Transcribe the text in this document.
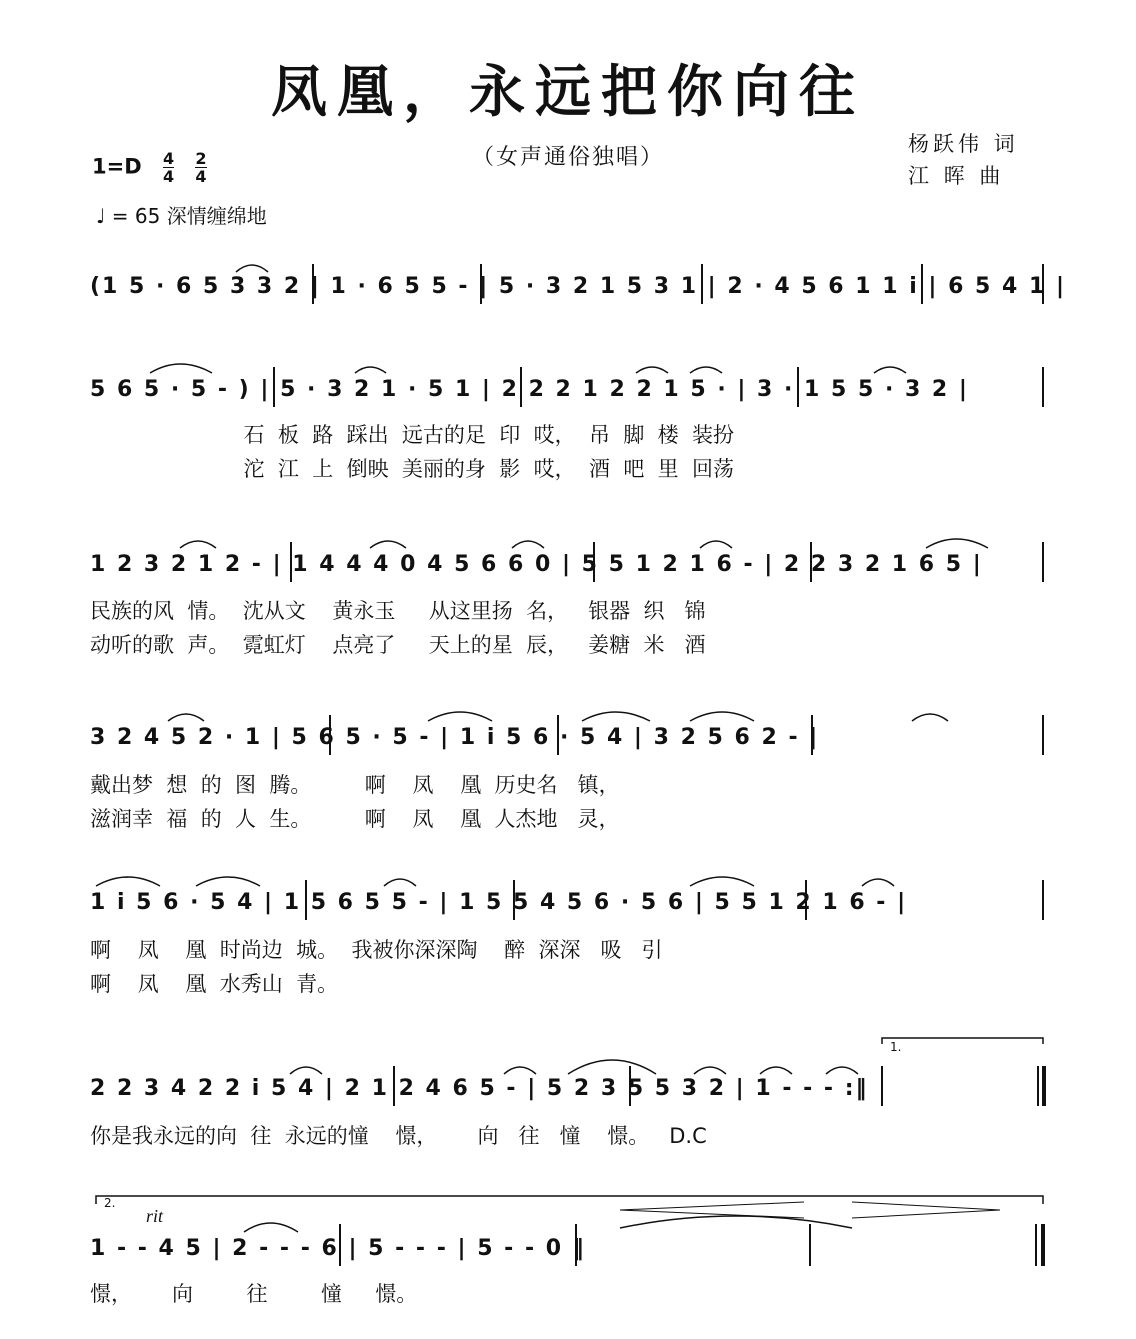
凤凰，永远把你向往
（女声通俗独唱）
杨跃伟 词
江 晖 曲
$1=D \frac{4}{4}$
$\frac{2}{4}$
♩ = 65 深情缠绵地
(1 5 · 6 5 3 3 2 | 1 · 6 5 5 - | 5 · 3 2 1 5 3 1 | 2 · 4 5 6 1 1 i | 6 5 4 1 |
5 6 5 · 5 - ) | 5 · 3 2 1 · 5 1 | 2 2 2 1 2 2 1 5 · | 3 · 1 5 5 · 3 2 |
石  板  路  踩出  远古的足  印  哎，  吊  脚  楼  装扮
沱  江  上  倒映  美丽的身  影  哎，  酒  吧  里  回荡
1 2 3 2 1 2 - | 1 4 4 4 0 4 5 6 6 0 | 5 5 1 2 1 6 - | 2 2 3 2 1 6 5 |
民族的风  情。  沈从文    黄永玉     从这里扬  名，   银器  织   锦
动听的歌  声。  霓虹灯    点亮了     天上的星  辰，   姜糖  米   酒
3 2 4 5 2 · 1 | 5 6 5 · 5 - | 1 i 5 6 · 5 4 | 3 2 5 6 2 - |
戴出梦  想  的  图  腾。        啊    凤    凰  历史名   镇，
滋润幸  福  的  人  生。        啊    凤    凰  人杰地   灵，
1 i 5 6 · 5 4 | 1 5 6 5 5 - | 1 5 5 4 5 6 · 5 6 | 5 5 1 2 1 6 - |
啊    凤    凰  时尚边  城。  我被你深深陶    醉  深深   吸   引
啊    凤    凰  水秀山  青。
1.
2 2 3 4 2 2 i 5 4 | 2 1 2 4 6 5 - | 5 2 3 5 5 3 2 | 1 - - - :‖
你是我永远的向  往  永远的憧    憬，      向   往   憧    憬。   D.C
2.
rit
1 - - 4 5 | 2 - - - 6 | 5 - - - | 5 - - 0 ‖
憬，      向        往        憧     憬。
